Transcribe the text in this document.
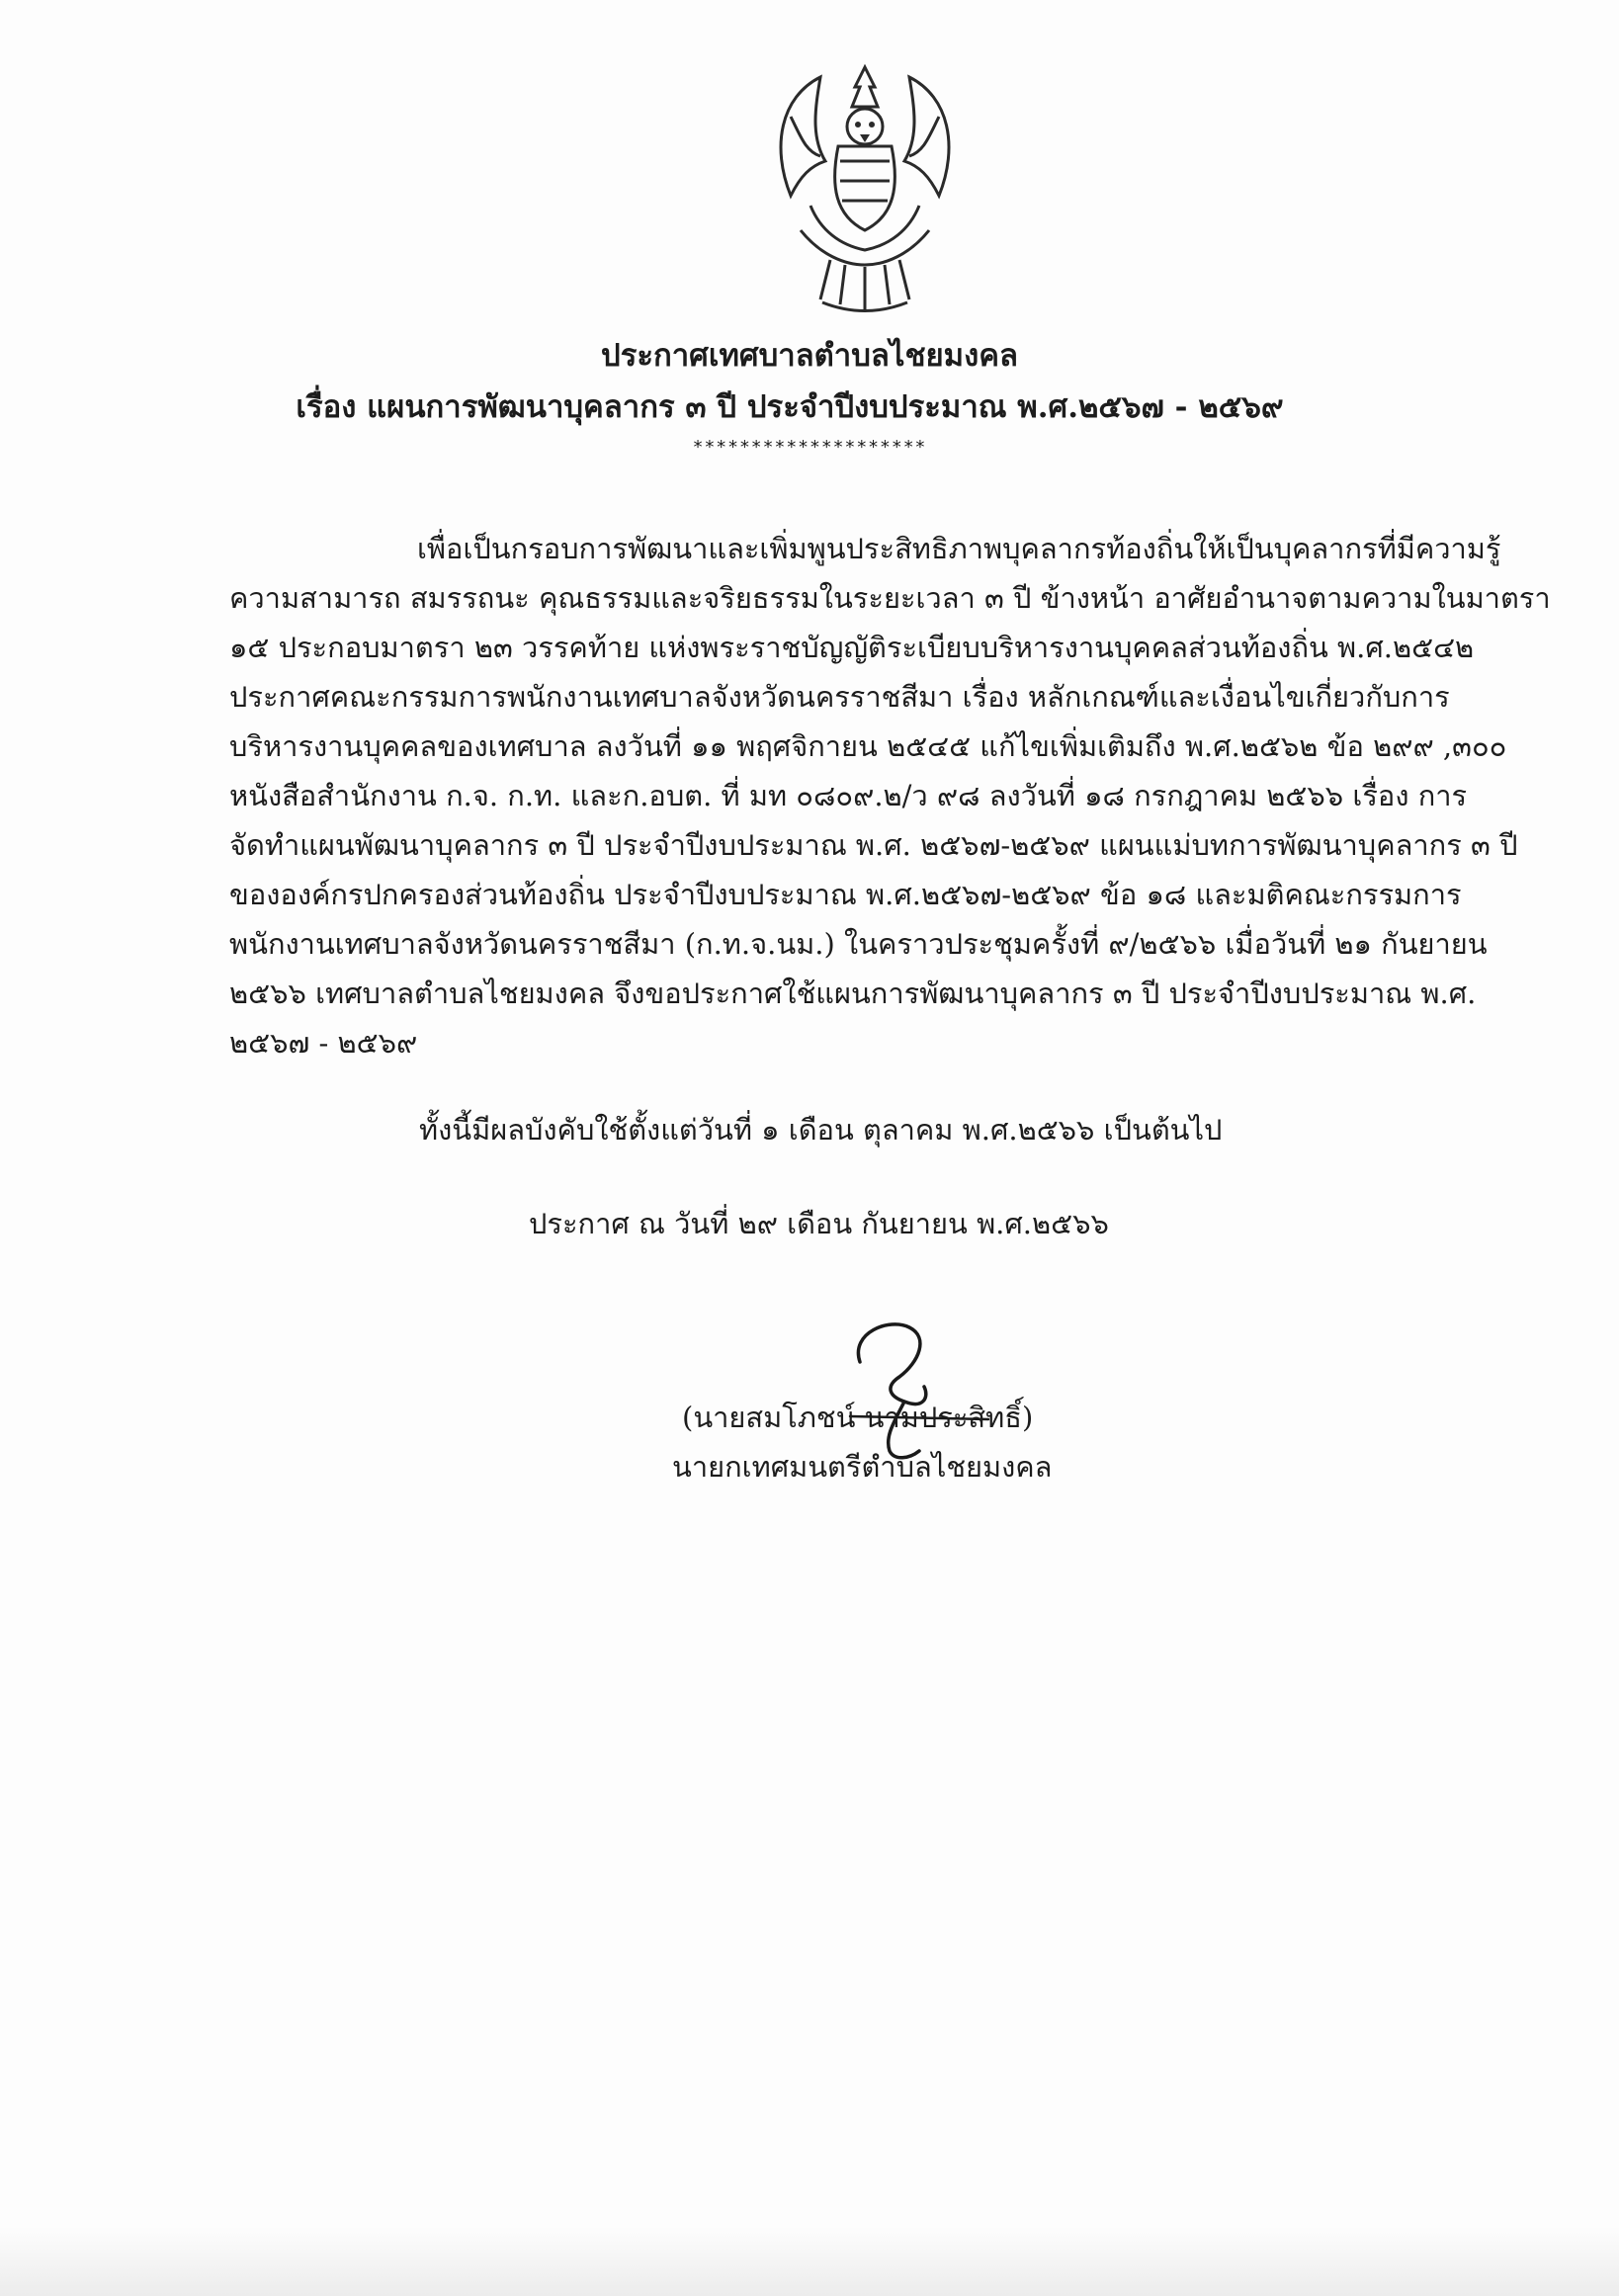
ประกาศเทศบาลตำบลไชยมงคล
เรื่อง แผนการพัฒนาบุคลากร ๓ ปี ประจำปีงบประมาณ พ.ศ.๒๕๖๗ - ๒๕๖๙
********************
เพื่อเป็นกรอบการพัฒนาและเพิ่มพูนประสิทธิภาพบุคลากรท้องถิ่นให้เป็นบุคลากรที่มีความรู้
ความสามารถ สมรรถนะ คุณธรรมและจริยธรรมในระยะเวลา ๓ ปี ข้างหน้า อาศัยอำนาจตามความในมาตรา
๑๕ ประกอบมาตรา ๒๓ วรรคท้าย แห่งพระราชบัญญัติระเบียบบริหารงานบุคคลส่วนท้องถิ่น พ.ศ.๒๕๔๒
ประกาศคณะกรรมการพนักงานเทศบาลจังหวัดนครราชสีมา เรื่อง หลักเกณฑ์และเงื่อนไขเกี่ยวกับการ
บริหารงานบุคคลของเทศบาล ลงวันที่ ๑๑ พฤศจิกายน ๒๕๔๕ แก้ไขเพิ่มเติมถึง พ.ศ.๒๕๖๒ ข้อ ๒๙๙ ,๓๐๐
หนังสือสำนักงาน ก.จ. ก.ท. และก.อบต. ที่ มท ๐๘๐๙.๒/ว ๙๘ ลงวันที่ ๑๘ กรกฎาคม ๒๕๖๖ เรื่อง การ
จัดทำแผนพัฒนาบุคลากร ๓ ปี ประจำปีงบประมาณ พ.ศ. ๒๕๖๗-๒๕๖๙ แผนแม่บทการพัฒนาบุคลากร ๓ ปี
ขององค์กรปกครองส่วนท้องถิ่น ประจำปีงบประมาณ พ.ศ.๒๕๖๗-๒๕๖๙ ข้อ ๑๘ และมติคณะกรรมการ
พนักงานเทศบาลจังหวัดนครราชสีมา (ก.ท.จ.นม.) ในคราวประชุมครั้งที่ ๙/๒๕๖๖ เมื่อวันที่ ๒๑ กันยายน
๒๕๖๖ เทศบาลตำบลไชยมงคล จึงขอประกาศใช้แผนการพัฒนาบุคลากร ๓ ปี ประจำปีงบประมาณ พ.ศ.
๒๕๖๗ - ๒๕๖๙
ทั้งนี้มีผลบังคับใช้ตั้งแต่วันที่ ๑ เดือน ตุลาคม พ.ศ.๒๕๖๖ เป็นต้นไป
ประกาศ ณ วันที่ ๒๙ เดือน กันยายน พ.ศ.๒๕๖๖
(นายสมโภชน์ นามประสิทธิ์)
นายกเทศมนตรีตำบลไชยมงคล
